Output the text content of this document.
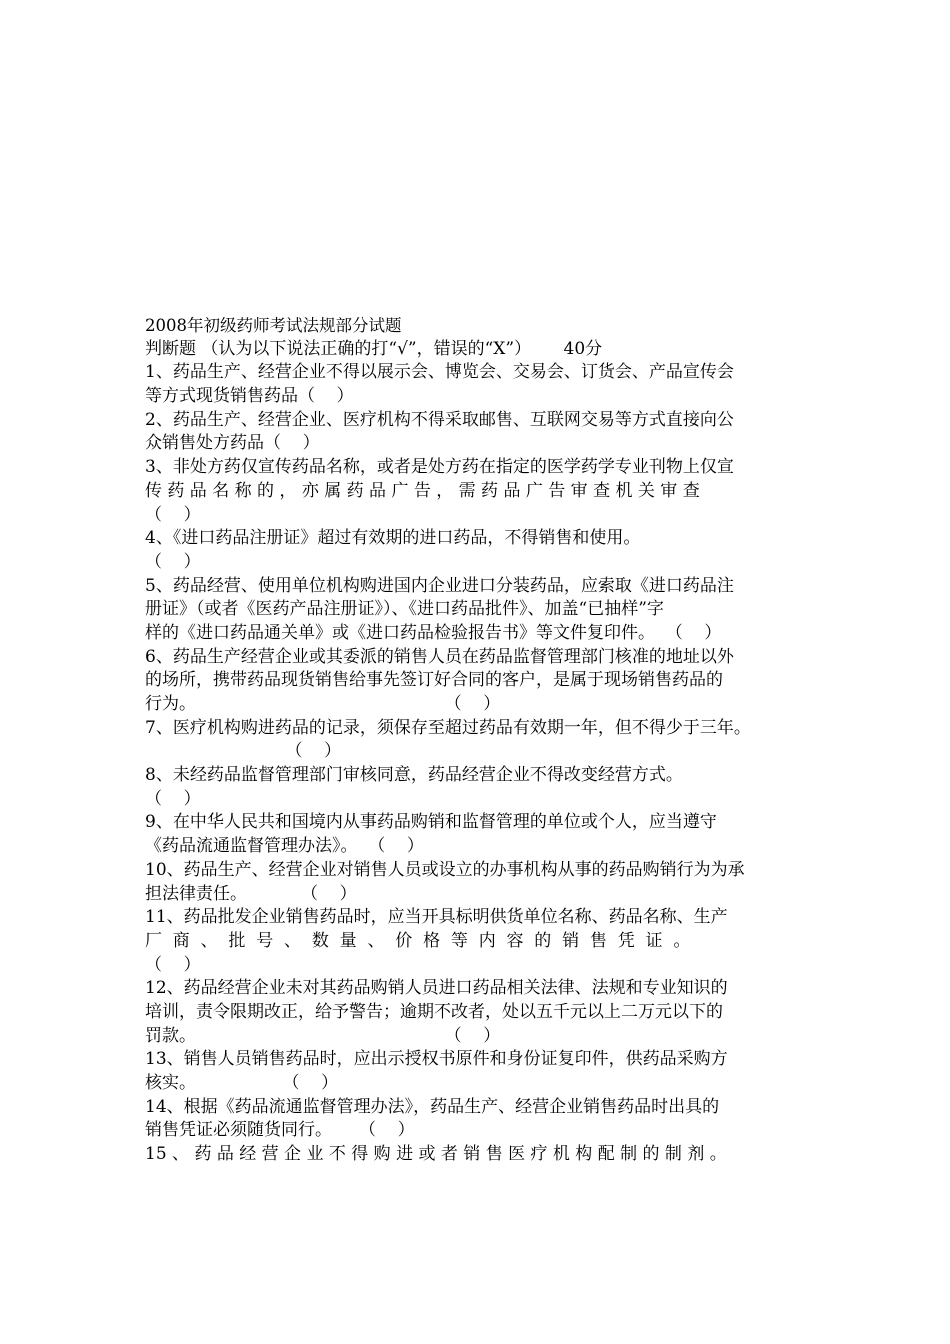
2008年初级药师考试法规部分试题
判断题 （认为以下说法正确的打“√”，错误的“X”）      40分
1、药品生产、经营企业不得以展示会、博览会、交易会、订货会、产品宣传会
等方式现货销售药品（    ）
2、药品生产、经营企业、医疗机构不得采取邮售、互联网交易等方式直接向公
众销售处方药品（    ）
3、非处方药仅宣传药品名称，或者是处方药在指定的医学药学专业刊物上仅宣
传 药 品 名 称 的 ， 亦 属 药 品 广 告 ， 需 药 品 广 告 审 查 机 关 审 查
（    ）
4、《进口药品注册证》超过有效期的进口药品，不得销售和使用。
（    ）
5、药品经营、使用单位机构购进国内企业进口分装药品，应索取《进口药品注
册证》（或者《医药产品注册证》）、《进口药品批件》、加盖“已抽样”字
样的《进口药品通关单》或《进口药品检验报告书》等文件复印件。  （    ）
6、药品生产经营企业或其委派的销售人员在药品监督管理部门核准的地址以外
的场所，携带药品现货销售给事先签订好合同的客户，是属于现场销售药品的
行为。                                              （    ）
7、医疗机构购进药品的记录，须保存至超过药品有效期一年，但不得少于三年。
（    ）
8、未经药品监督管理部门审核同意，药品经营企业不得改变经营方式。
（    ）
9、在中华人民共和国境内从事药品购销和监督管理的单位或个人，应当遵守
《药品流通监督管理办法》。  （    ）
10、药品生产、经营企业对销售人员或设立的办事机构从事的药品购销行为为承
担法律责任。          （    ）
11、药品批发企业销售药品时，应当开具标明供货单位名称、药品名称、生产
厂  商  、  批  号  、  数  量  、  价  格  等  内  容  的  销  售  凭  证  。
（    ）
12、药品经营企业未对其药品购销人员进口药品相关法律、法规和专业知识的
培训，责令限期改正，给予警告；逾期不改者，处以五千元以上二万元以下的
罚款。                                              （    ）
13、销售人员销售药品时，应出示授权书原件和身份证复印件，供药品采购方
核实。                （    ）
14、根据《药品流通监督管理办法》，药品生产、经营企业销售药品时出具的
销售凭证必须随货同行。     （    ）
15 、 药 品 经 营 企 业 不 得 购 进 或 者 销 售 医 疗 机 构 配 制 的 制 剂 。
